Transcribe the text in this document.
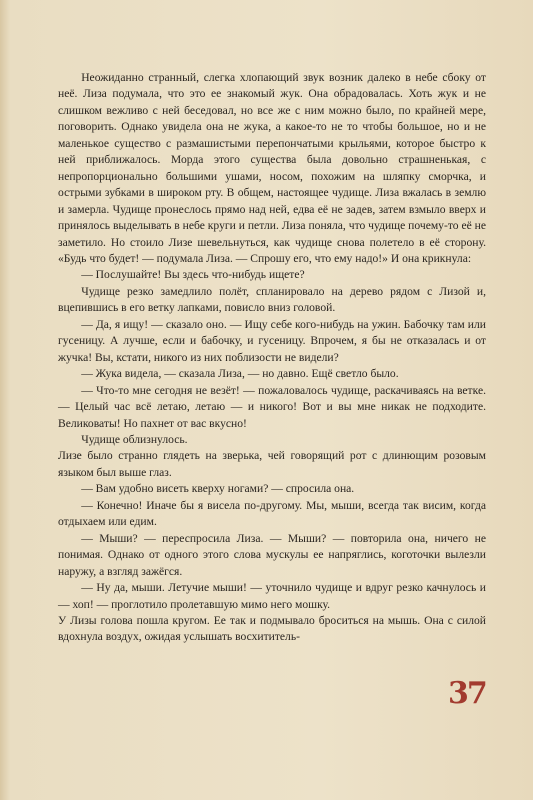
Неожиданно странный, слегка хлопающий звук возник далеко в небе сбоку от неё. Лиза подумала, что это ее знакомый жук. Она обрадовалась. Хоть жук и не слишком вежливо с ней беседовал, но все же с ним можно было, по крайней мере, поговорить. Однако увидела она не жука, а какое-то не то чтобы большое, но и не маленькое существо с размашистыми перепончатыми крыльями, которое быстро к ней приближалось. Морда этого существа была довольно страшненькая, с непропорционально большими ушами, носом, похожим на шляпку сморчка, и острыми зубками в широком рту. В общем, настоящее чудище. Лиза вжалась в землю и замерла. Чудище пронеслось прямо над ней, едва её не задев, затем взмыло вверх и принялось выделывать в небе круги и петли. Лиза поняла, что чудище почему-то её не заметило. Но стоило Лизе шевельнуться, как чудище снова полетело в её сторону. «Будь что будет! — подумала Лиза. — Спрошу его, что ему надо!» И она крикнула:

— Послушайте! Вы здесь что-нибудь ищете?

Чудище резко замедлило полёт, спланировало на дерево рядом с Лизой и, вцепившись в его ветку лапками, повисло вниз головой.

— Да, я ищу! — сказало оно. — Ищу себе кого-нибудь на ужин. Бабочку там или гусеницу. А лучше, если и бабочку, и гусеницу. Впрочем, я бы не отказалась и от жучка! Вы, кстати, никого из них поблизости не видели?

— Жука видела, — сказала Лиза, — но давно. Ещё светло было.

— Что-то мне сегодня не везёт! — пожаловалось чудище, раскачиваясь на ветке. — Целый час всё летаю, летаю — и никого! Вот и вы мне никак не подходите. Великоваты! Но пахнет от вас вкусно!

Чудище облизнулось.

Лизе было странно глядеть на зверька, чей говорящий рот с длинющим розовым языком был выше глаз.

— Вам удобно висеть кверху ногами? — спросила она.

— Конечно! Иначе бы я висела по-другому. Мы, мыши, всегда так висим, когда отдыхаем или едим.

— Мыши? — переспросила Лиза. — Мыши? — повторила она, ничего не понимая. Однако от одного этого слова мускулы ее напряглись, коготочки вылезли наружу, а взгляд зажёгся.

— Ну да, мыши. Летучие мыши! — уточнило чудище и вдруг резко качнулось и — хоп! — проглотило пролетавшую мимо него мошку.

У Лизы голова пошла кругом. Ее так и подмывало броситься на мышь. Она с силой вдохнула воздух, ожидая услышать восхититель-

37
